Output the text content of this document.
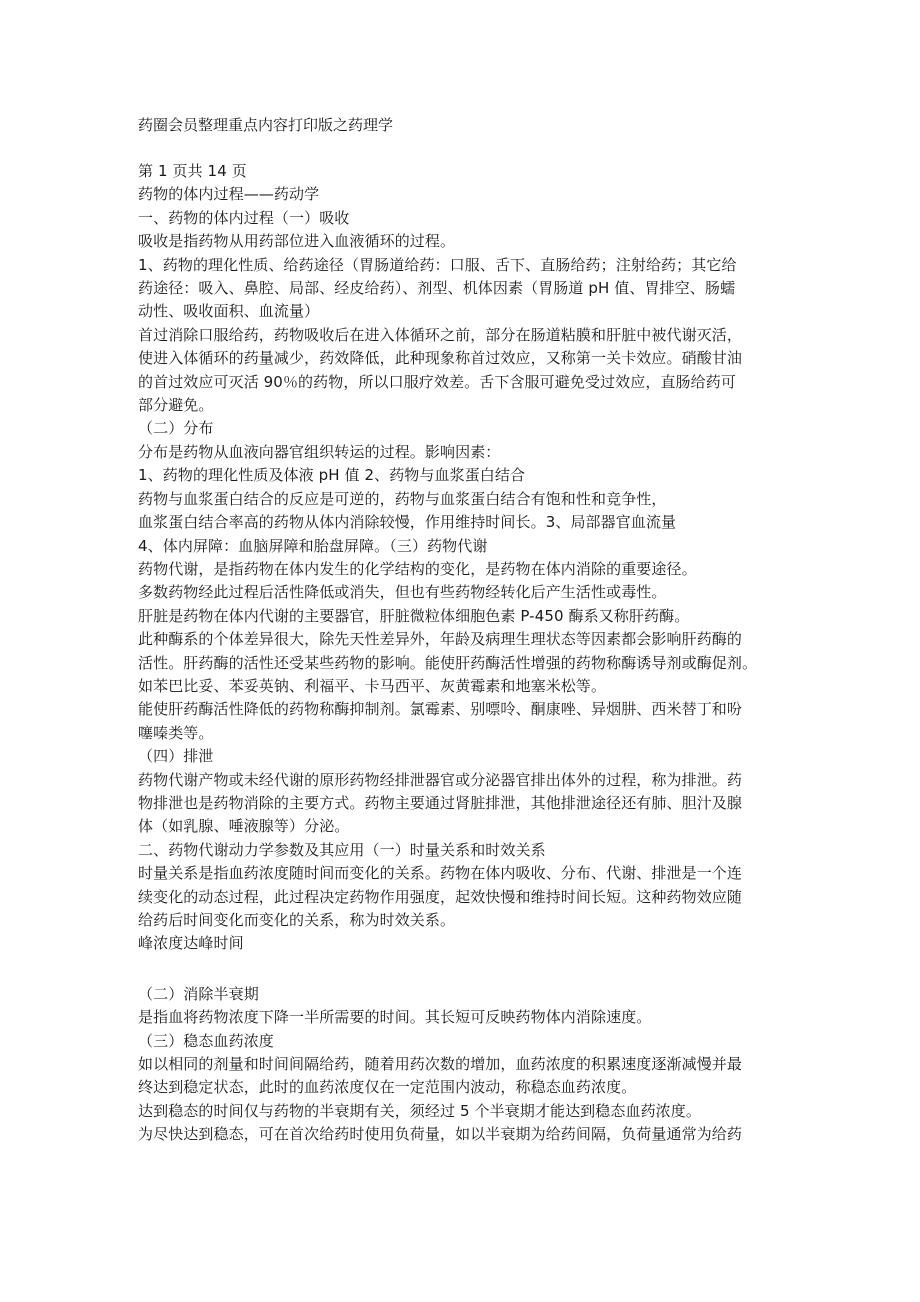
药圈会员整理重点内容打印版之药理学

第 1 页共 14 页

药物的体内过程——药动学

一、药物的体内过程（一）吸收

吸收是指药物从用药部位进入血液循环的过程。

1、药物的理化性质、给药途径（胃肠道给药：口服、舌下、直肠给药；注射给药；其它给

药途径：吸入、鼻腔、局部、经皮给药）、剂型、机体因素（胃肠道 pH 值、胃排空、肠蠕

动性、吸收面积、血流量）

首过消除口服给药，药物吸收后在进入体循环之前，部分在肠道粘膜和肝脏中被代谢灭活，

使进入体循环的药量减少，药效降低，此种现象称首过效应，又称第一关卡效应。硝酸甘油

的首过效应可灭活 90％的药物，所以口服疗效差。舌下含服可避免受过效应，直肠给药可

部分避免。

（二）分布

分布是药物从血液向器官组织转运的过程。影响因素：

1、药物的理化性质及体液 pH 值 2、药物与血浆蛋白结合

药物与血浆蛋白结合的反应是可逆的，药物与血浆蛋白结合有饱和性和竞争性，

血浆蛋白结合率高的药物从体内消除较慢，作用维持时间长。3、局部器官血流量

4、体内屏障：血脑屏障和胎盘屏障。（三）药物代谢

药物代谢，是指药物在体内发生的化学结构的变化，是药物在体内消除的重要途径。

多数药物经此过程后活性降低或消失，但也有些药物经转化后产生活性或毒性。

肝脏是药物在体内代谢的主要器官，肝脏微粒体细胞色素 P-450 酶系又称肝药酶。

此种酶系的个体差异很大，除先天性差异外，年龄及病理生理状态等因素都会影响肝药酶的

活性。肝药酶的活性还受某些药物的影响。能使肝药酶活性增强的药物称酶诱导剂或酶促剂。

如苯巴比妥、苯妥英钠、利福平、卡马西平、灰黄霉素和地塞米松等。

能使肝药酶活性降低的药物称酶抑制剂。氯霉素、别嘌呤、酮康唑、异烟肼、西米替丁和吩

噻嗪类等。

（四）排泄

药物代谢产物或未经代谢的原形药物经排泄器官或分泌器官排出体外的过程，称为排泄。药

物排泄也是药物消除的主要方式。药物主要通过肾脏排泄，其他排泄途径还有肺、胆汁及腺

体（如乳腺、唾液腺等）分泌。

二、药物代谢动力学参数及其应用（一）时量关系和时效关系

时量关系是指血药浓度随时间而变化的关系。药物在体内吸收、分布、代谢、排泄是一个连

续变化的动态过程，此过程决定药物作用强度，起效快慢和维持时间长短。这种药物效应随

给药后时间变化而变化的关系，称为时效关系。

峰浓度达峰时间

（二）消除半衰期

是指血将药物浓度下降一半所需要的时间。其长短可反映药物体内消除速度。

（三）稳态血药浓度

如以相同的剂量和时间间隔给药，随着用药次数的增加，血药浓度的积累速度逐渐减慢并最

终达到稳定状态，此时的血药浓度仅在一定范围内波动，称稳态血药浓度。

达到稳态的时间仅与药物的半衰期有关，须经过 5 个半衰期才能达到稳态血药浓度。

为尽快达到稳态，可在首次给药时使用负荷量，如以半衰期为给药间隔，负荷量通常为给药
